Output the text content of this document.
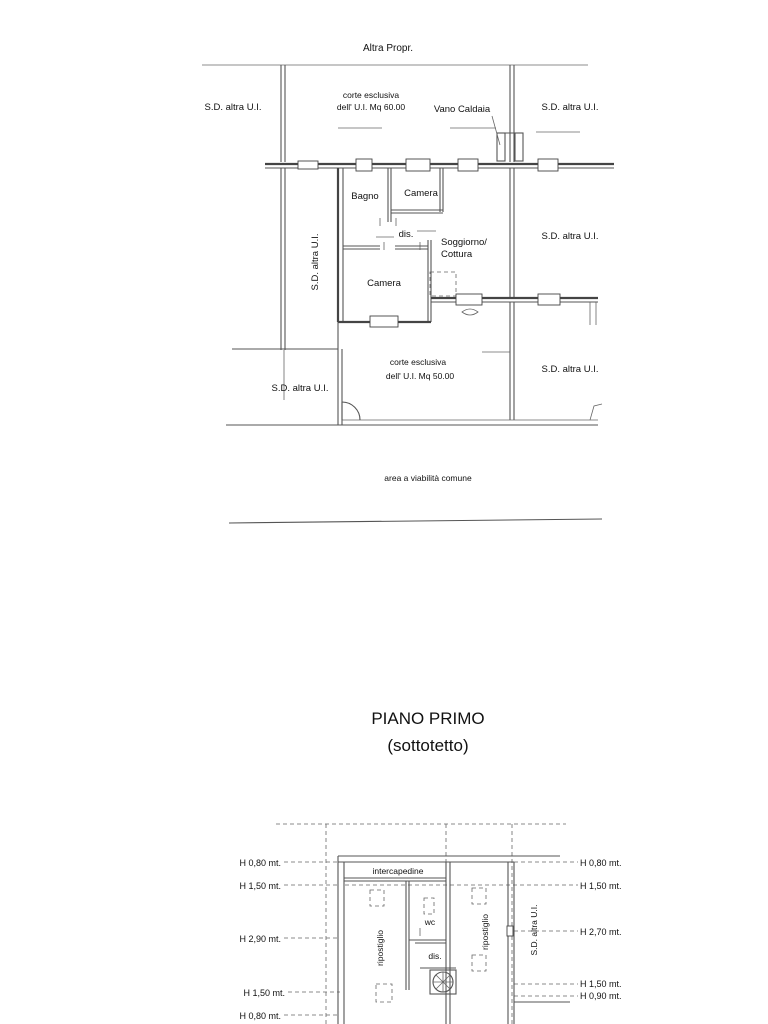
Altra Propr.
corte esclusiva
dell' U.I. Mq 60.00	Vano Caldaia
S.D. altra U.I.	S.D. altra U.I.
S.D. altra U.I.	S.D. altra U.I.
Bagno	Camera
dis.
Soggiorno/
Cottura
Camera
corte esclusiva
dell' U.I. Mq 50.00
S.D. altra U.I.
S.D. altra U.I.
area a viabilità comune
PIANO PRIMO
(sottotetto)
intercapedine
ripostiglio
wc	ripostiglio
dis.
S.D. altra U.I.
H 0,80 mt.
H 1,50 mt.
H 2,90 mt.
H 1,50 mt.
H 0,80 mt.
H 0,80 mt.
H 1,50 mt.
H 2,70 mt.
H 1,50 mt.
H 0,90 mt.
